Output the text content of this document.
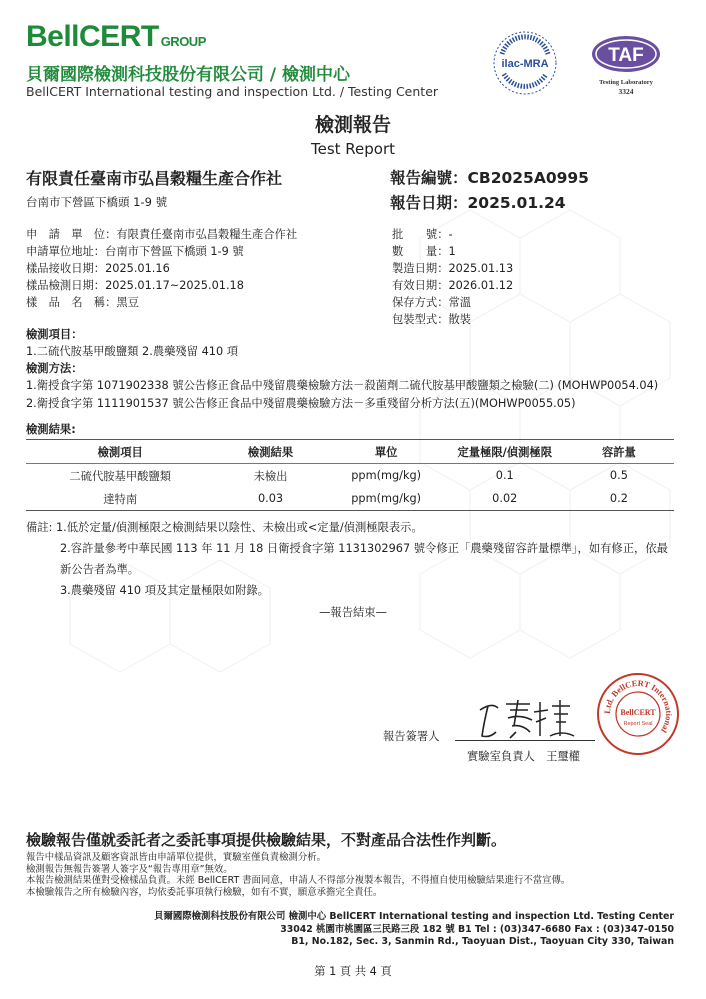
BellCERT GROUP
貝爾國際檢測科技股份有限公司 / 檢測中心
BellCERT International testing and inspection Ltd. / Testing Center
ilac-MRA	TAF
Testing Laboratory
3324
檢測報告
Test Report
有限責任臺南市弘昌穀糧生產合作社
台南市下營區下橋頭 1-9 號
報告編號：CB2025A0995
報告日期：2025.01.24
申　請　單　位：有限責任臺南市弘昌穀糧生產合作社
申請單位地址：台南市下營區下橋頭 1-9 號
樣品接收日期：2025.01.16
樣品檢測日期：2025.01.17~2025.01.18
樣　品　名　稱：黑豆
批　　號：-
數　　量：1
製造日期：2025.01.13
有效日期：2026.01.12
保存方式：常溫
包裝型式：散裝
檢測項目：
1.二硫代胺基甲酸鹽類 2.農藥殘留 410 項
檢測方法：
1.衛授食字第 1071902338 號公告修正食品中殘留農藥檢驗方法－殺菌劑二硫代胺基甲酸鹽類之檢驗(二) (MOHWP0054.04)
2.衛授食字第 1111901537 號公告修正食品中殘留農藥檢驗方法－多重殘留分析方法(五)(MOHWP0055.05)
檢測結果:
檢測項目	檢測結果	單位	定量極限/偵測極限	容許量
二硫代胺基甲酸鹽類	未檢出	ppm(mg/kg)	0.1	0.5
達特南	0.03	ppm(mg/kg)	0.02	0.2
備註: 1.低於定量/偵測極限之檢測結果以陰性、未檢出或<定量/偵測極限表示。
2.容許量參考中華民國 113 年 11 月 18 日衛授食字第 1131302967 號令修正「農藥殘留容許量標準」，如有修正，依最
新公告者為準。
3.農藥殘留 410 項及其定量極限如附錄。
—報告結束—
報告簽署人
實驗室負責人　王璽權
Ltd. BellCERT International
BellCERT
Report Seal
檢驗報告僅就委託者之委託事項提供檢驗結果，不對產品合法性作判斷。
報告中樣品資訊及顧客資訊皆由申請單位提供，實驗室僅負責檢測分析。
檢測報告無報告簽署人簽字及“報告專用章”無效。
本報告檢測結果僅對受檢樣品負責。未經 BellCERT 書面同意，申請人不得部分複製本報告，不得擅自使用檢驗結果進行不當宣傳。
本檢驗報告之所有檢驗內容，均依委託事項執行檢驗，如有不實，願意承擔完全責任。
貝爾國際檢測科技股份有限公司 檢測中心 BellCERT International testing and inspection Ltd. Testing Center
33042 桃園市桃園區三民路三段 182 號 B1 Tel : (03)347-6680 Fax : (03)347-0150
B1, No.182, Sec. 3, Sanmin Rd., Taoyuan Dist., Taoyuan City 330, Taiwan
第 1 頁 共 4 頁
